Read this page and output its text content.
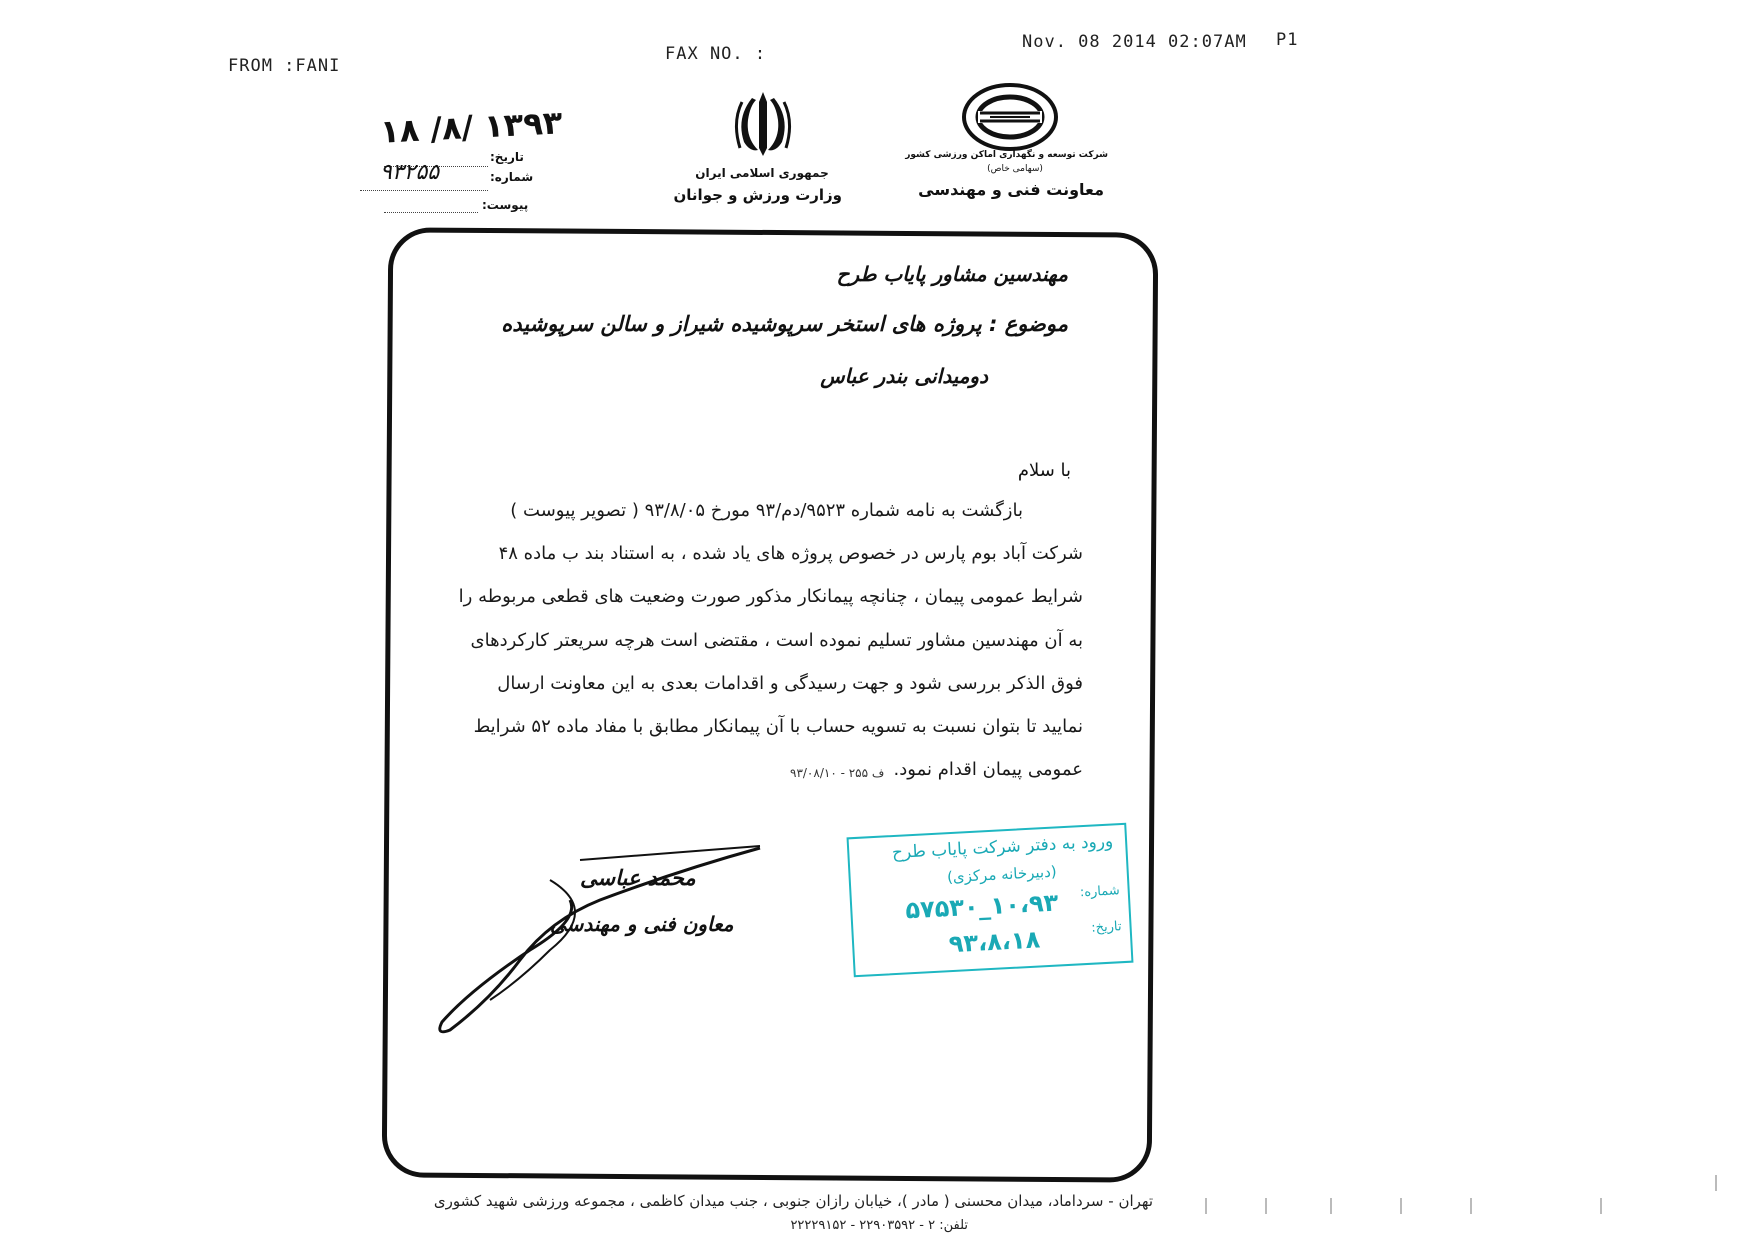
FROM :FANI
FAX NO. :
Nov. 08 2014 02:07AM P1
شرکت توسعه و نگهداری اماکن ورزشی کشور
(سهامی خاص)
معاونت فنی و مهندسی
جمهوری اسلامی ایران
وزارت ورزش و جوانان
۱۳۹۳ /۸/ ۱۸
تاریخ:
شماره:
۹۳۲۵۵
پیوست:
مهندسین مشاور پایاب طرح
موضوع : پروژه های استخر سرپوشیده شیراز و سالن سرپوشیده
دومیدانی بندر عباس
با سلام
بازگشت به نامه شماره ۹۵۲۳/دم/۹۳ مورخ ۹۳/۸/۰۵ ( تصویر پیوست )
شرکت آباد بوم پارس در خصوص پروژه های یاد شده ، به استناد بند ب ماده ۴۸
شرایط عمومی پیمان ، چنانچه پیمانکار مذکور صورت وضعیت های قطعی مربوطه را
به آن مهندسین مشاور تسلیم نموده است ، مقتضی است هرچه سریعتر کارکردهای
فوق الذکر بررسی شود و جهت رسیدگی و اقدامات بعدی به این معاونت ارسال
نمایید تا بتوان نسبت به تسویه حساب با آن پیمانکار مطابق با مفاد ماده ۵۲ شرایط
عمومی پیمان اقدام نمود.
ف ۲۵۵ - ۹۳/۰۸/۱۰
محمد عباسی
معاون فنی و مهندسی
ورود به دفتر شرکت پایاب طرح
(دبیرخانه مرکزی)
شماره:
۱۰،۹۳_۵۷۵۳۰
تاریخ:
۹۳،۸،۱۸
تهران - سرداماد، میدان محسنی ( مادر )، خیابان رازان جنوبی ، جنب میدان کاظمی ، مجموعه ورزشی شهید کشوری
تلفن: ۲ - ۲۲۹۰۳۵۹۲ - ۲۲۲۲۹۱۵۲
